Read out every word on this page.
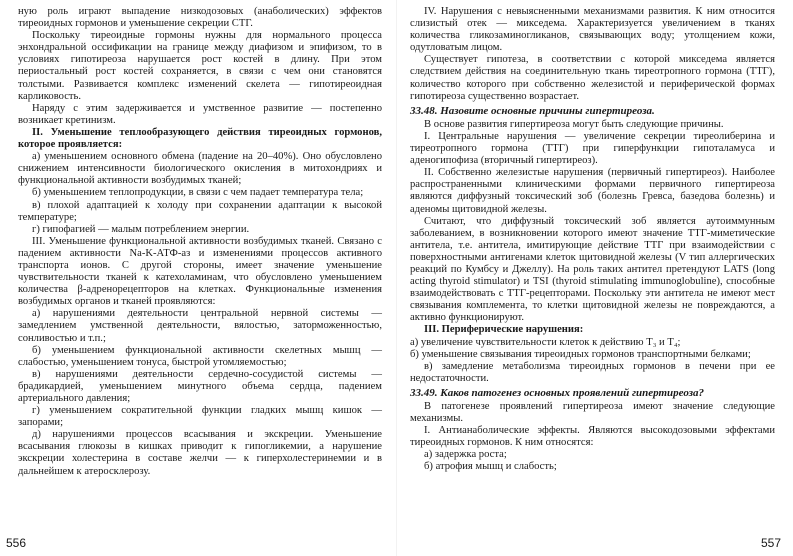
ную роль играют выпадение низкодозовых (анаболических) эффектов тиреоидных гормонов и уменьшение секреции СТГ.

Поскольку тиреоидные гормоны нужны для нормального процесса энхондральной оссификации на границе между диафизом и эпифизом, то в условиях гипотиреоза нарушается рост костей в длину. При этом периостальный рост костей сохраняется, в связи с чем они становятся толстыми. Развивается комплекс изменений скелета — гипотиреоидная карликовость.

Наряду с этим задерживается и умственное развитие — постепенно возникает кретинизм.

II. Уменьшение теплообразующего действия тиреоидных гормонов, которое проявляется:

а) уменьшением основного обмена (падение на 20–40%). Оно обусловлено снижением интенсивности биологического окисления в митохондриях и функциональной активности возбудимых тканей;

б) уменьшением теплопродукции, в связи с чем падает температура тела;

в) плохой адаптацией к холоду при сохранении адаптации к высокой температуре;

г) гипофагией — малым потреблением энергии.

III. Уменьшение функциональной активности возбудимых тканей. Связано с падением активности Na-K-АТФ-аз и изменениями процессов активного транспорта ионов. С другой стороны, имеет значение уменьшение чувствительности тканей к катехоламинам, что обусловлено уменьшением количества β-адренорецепторов на клетках. Функциональные изменения возбудимых органов и тканей проявляются:

а) нарушениями деятельности центральной нервной системы — замедлением умственной деятельности, вялостью, заторможенностью, сонливостью и т.п.;

б) уменьшением функциональной активности скелетных мышц — слабостью, уменьшением тонуса, быстрой утомляемостью;

в) нарушениями деятельности сердечно-сосудистой системы — брадикардией, уменьшением минутного объема сердца, падением артериального давления;

г) уменьшением сократительной функции гладких мышц кишок — запорами;

д) нарушениями процессов всасывания и экскреции. Уменьшение всасывания глюкозы в кишках приводит к гипогликемии, а нарушение экскреции холестерина в составе желчи — к гиперхолестеринемии и в дальнейшем к атеросклерозу.

556

IV. Нарушения с невыясненными механизмами развития. К ним относится слизистый отек — микседема. Характеризуется увеличением в тканях количества гликозаминогликанов, связывающих воду; утолщением кожи, одутловатым лицом.

Существует гипотеза, в соответствии с которой микседема является следствием действия на соединительную ткань тиреотропного гормона (ТТГ), количество которого при собственно железистой и периферической формах гипотиреоза существенно возрастает.

33.48. Назовите основные причины гипертиреоза.

В основе развития гипертиреоза могут быть следующие причины.

I. Центральные нарушения — увеличение секреции тиреолиберина и тиреотропного гормона (ТТГ) при гиперфункции гипоталамуса и аденогипофиза (вторичный гипертиреоз).

II. Собственно железистые нарушения (первичный гипертиреоз). Наиболее распространенными клиническими формами первичного гипертиреоза являются диффузный токсический зоб (болезнь Гревса, базедова болезнь) и аденомы щитовидной железы.

Считают, что диффузный токсический зоб является аутоиммунным заболеванием, в возникновении которого имеют значение ТТГ-миметические антитела, т.е. антитела, имитирующие действие ТТГ при взаимодействии с поверхностными антигенами клеток щитовидной железы (V тип аллергических реакций по Кумбсу и Джеллу). На роль таких антител претендуют LATS (long acting thyroid stimulator) и TSI (thyroid stimulating immunoglobuline), способные взаимодействовать с ТТГ-рецепторами. Поскольку эти антитела не имеют мест связывания комплемента, то клетки щитовидной железы не повреждаются, а активно функционируют.

III. Периферические нарушения:

а) увеличение чувствительности клеток к действию Т₃ и Т₄;

б) уменьшение связывания тиреоидных гормонов транспортными белками;

в) замедление метаболизма тиреоидных гормонов в печени при ее недостаточности.

33.49. Каков патогенез основных проявлений гипертиреоза?

В патогенезе проявлений гипертиреоза имеют значение следующие механизмы.

I. Антианаболические эффекты. Являются высокодозовыми эффектами тиреоидных гормонов. К ним относятся:

а) задержка роста;

б) атрофия мышц и слабость;

557
